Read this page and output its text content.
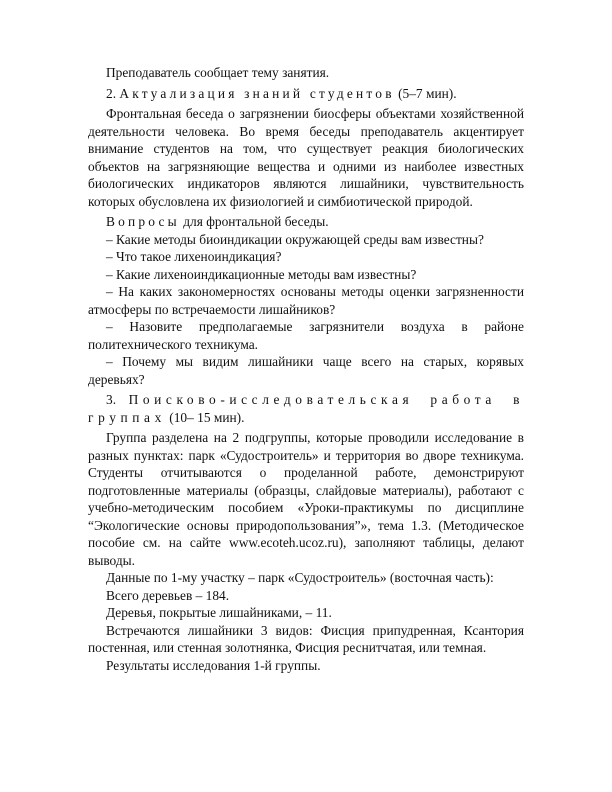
Преподаватель сообщает тему занятия.

2. Актуализация знаний студентов (5–7 мин).

Фронтальная беседа о загрязнении биосферы объектами хозяйственной деятельности человека. Во время беседы преподаватель акцентирует внимание студентов на том, что существует реакция биологических объектов на загрязняющие вещества и одними из наиболее известных биологических индикаторов являются лишайники, чувствительность которых обусловлена их физиологией и симбиотической природой.

Вопросы для фронтальной беседы.

– Какие методы биоиндикации окружающей среды вам известны?

– Что такое лихеноиндикация?

– Какие лихеноиндикационные методы вам известны?

– На каких закономерностях основаны методы оценки загрязненности атмосферы по встречаемости лишайников?

– Назовите предполагаемые загрязнители воздуха в районе политехнического техникума.

– Почему мы видим лишайники чаще всего на старых, корявых деревьях?

3. Поисково-исследовательская работа в группах (10– 15 мин).

Группа разделена на 2 подгруппы, которые проводили исследование в разных пунктах: парк «Судостроитель» и территория во дворе техникума. Студенты отчитываются о проделанной работе, демонстрируют подготовленные материалы (образцы, слайдовые материалы), работают с учебно-методическим пособием «Уроки-практикумы по дисциплине “Экологические основы природопользования”», тема 1.3. (Методическое пособие см. на сайте www.ecoteh.ucoz.ru), заполняют таблицы, делают выводы.

Данные по 1-му участку – парк «Судостроитель» (восточная часть):

Всего деревьев – 184.

Деревья, покрытые лишайниками, – 11.

Встречаются лишайники 3 видов: Фисция припудренная, Ксантория постенная, или стенная золотнянка, Фисция реснитчатая, или темная.

Результаты исследования 1-й группы.
